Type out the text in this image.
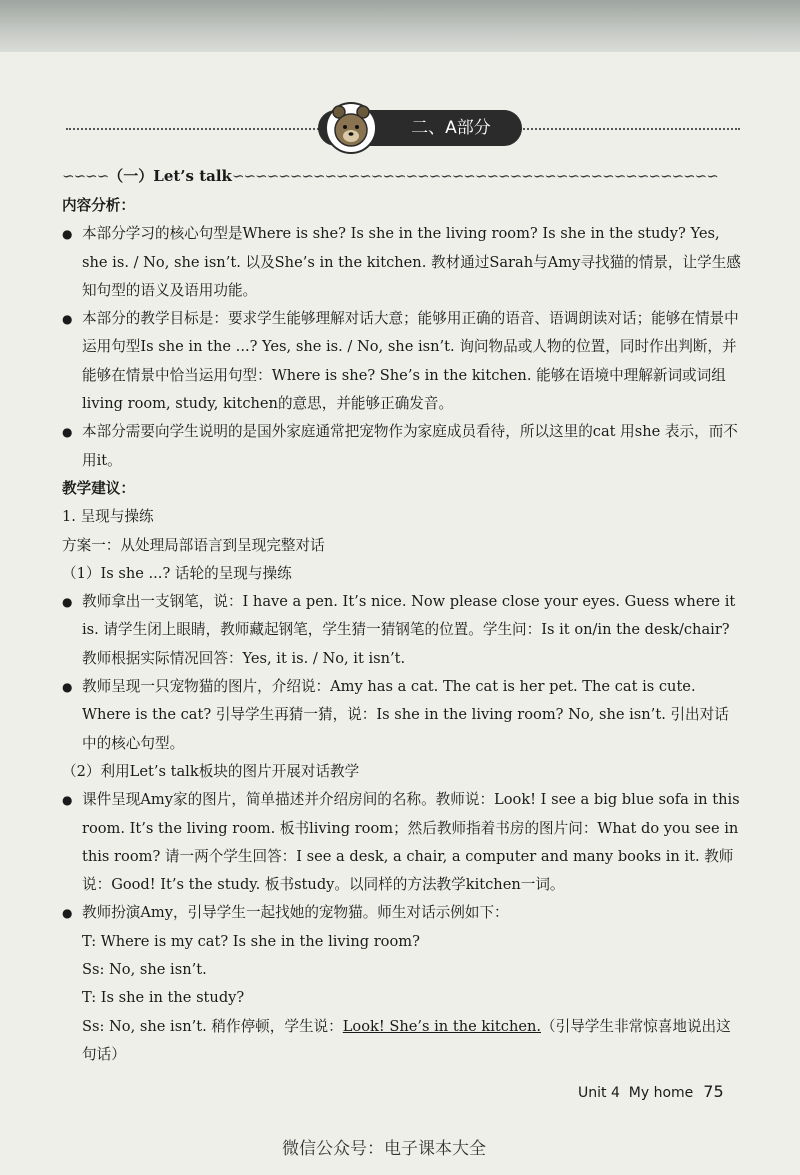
二、A部分
∽∽∽∽（一）Let’s talk∽∽∽∽∽∽∽∽∽∽∽∽∽∽∽∽∽∽∽∽∽∽∽∽∽∽∽∽∽∽∽∽∽∽∽∽∽∽∽∽∽∽

内容分析：

● 本部分学习的核心句型是Where is she? Is she in the living room? Is she in the study? Yes, she is. / No, she isn’t. 以及She’s in the kitchen. 教材通过Sarah与Amy寻找猫的情景，让学生感知句型的语义及语用功能。

● 本部分的教学目标是：要求学生能够理解对话大意；能够用正确的语音、语调朗读对话；能够在情景中运用句型Is she in the ...? Yes, she is. / No, she isn’t. 询问物品或人物的位置，同时作出判断，并能够在情景中恰当运用句型：Where is she? She’s in the kitchen. 能够在语境中理解新词或词组living room, study, kitchen的意思，并能够正确发音。

● 本部分需要向学生说明的是国外家庭通常把宠物作为家庭成员看待，所以这里的cat 用she 表示，而不用it。

教学建议：

1. 呈现与操练

方案一：从处理局部语言到呈现完整对话

（1）Is she ...? 话轮的呈现与操练

● 教师拿出一支钢笔，说：I have a pen. It’s nice. Now please close your eyes. Guess where it is. 请学生闭上眼睛，教师藏起钢笔，学生猜一猜钢笔的位置。学生问：Is it on/in the desk/chair? 教师根据实际情况回答：Yes, it is. / No, it isn’t.

● 教师呈现一只宠物猫的图片，介绍说：Amy has a cat. The cat is her pet. The cat is cute. Where is the cat? 引导学生再猜一猜，说：Is she in the living room? No, she isn’t. 引出对话中的核心句型。

（2）利用Let’s talk板块的图片开展对话教学

● 课件呈现Amy家的图片，简单描述并介绍房间的名称。教师说：Look! I see a big blue sofa in this room. It’s the living room. 板书living room；然后教师指着书房的图片问：What do you see in this room? 请一两个学生回答：I see a desk, a chair, a computer and many books in it. 教师说：Good! It’s the study. 板书study。以同样的方法教学kitchen一词。

● 教师扮演Amy，引导学生一起找她的宠物猫。师生对话示例如下：

T: Where is my cat? Is she in the living room?

Ss: No, she isn’t.

T: Is she in the study?

Ss: No, she isn’t. 稍作停顿，学生说：Look! She’s in the kitchen.（引导学生非常惊喜地说出这句话）

Unit 4 My home 75
微信公众号：电子课本大全
